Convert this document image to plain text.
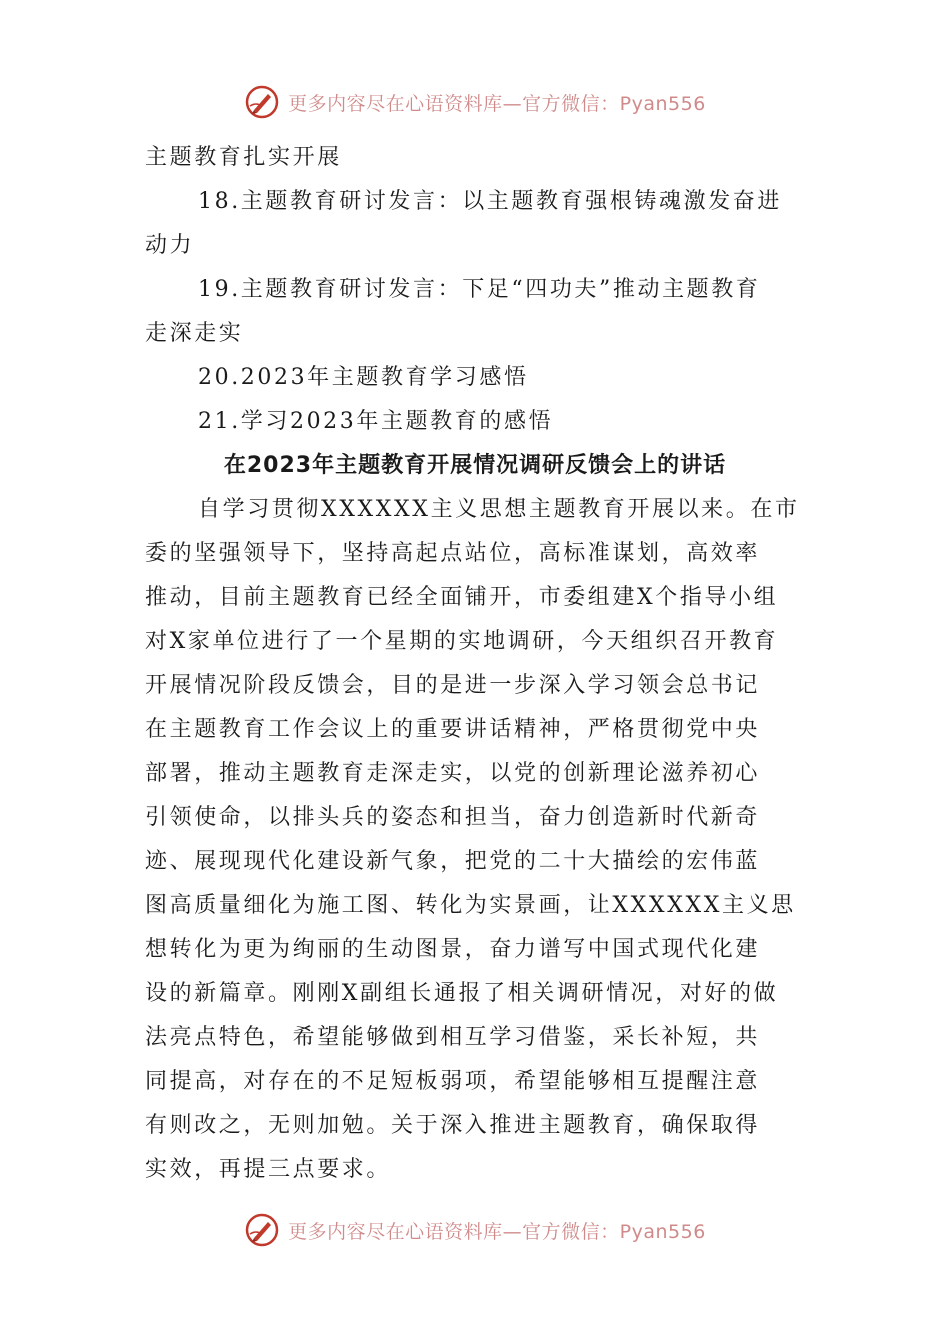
更多内容尽在心语资料库—官方微信：Pyan556
主题教育扎实开展
18.主题教育研讨发言：以主题教育强根铸魂激发奋进
动力
19.主题教育研讨发言：下足“四功夫”推动主题教育
走深走实
20.2023年主题教育学习感悟
21.学习2023年主题教育的感悟
在2023年主题教育开展情况调研反馈会上的讲话
自学习贯彻XXXXXX主义思想主题教育开展以来。在市
委的坚强领导下，坚持高起点站位，高标准谋划，高效率
推动，目前主题教育已经全面铺开，市委组建X个指导小组
对X家单位进行了一个星期的实地调研，今天组织召开教育
开展情况阶段反馈会，目的是进一步深入学习领会总书记
在主题教育工作会议上的重要讲话精神，严格贯彻党中央
部署，推动主题教育走深走实，以党的创新理论滋养初心
引领使命，以排头兵的姿态和担当，奋力创造新时代新奇
迹、展现现代化建设新气象，把党的二十大描绘的宏伟蓝
图高质量细化为施工图、转化为实景画，让XXXXXX主义思
想转化为更为绚丽的生动图景，奋力谱写中国式现代化建
设的新篇章。刚刚X副组长通报了相关调研情况，对好的做
法亮点特色，希望能够做到相互学习借鉴，采长补短，共
同提高，对存在的不足短板弱项，希望能够相互提醒注意
有则改之，无则加勉。关于深入推进主题教育，确保取得
实效，再提三点要求。
更多内容尽在心语资料库—官方微信：Pyan556
